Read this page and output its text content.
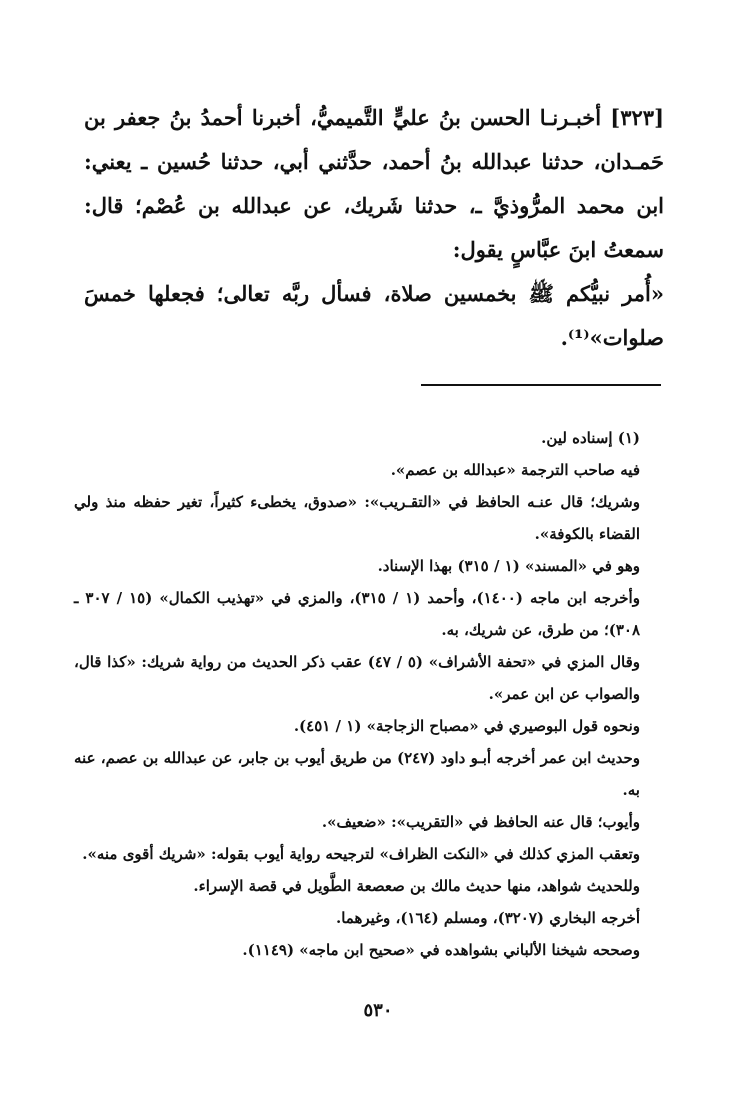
[٣٢٣] أخبـرنـا الحسن بنُ عليٍّ التَّميميُّ، أخبرنا أحمدُ بنُ جعفر بن حَمـدان، حدثنا عبدالله بنُ أحمد، حدَّثني أبي، حدثنا حُسين ـ يعني: ابن محمد المرُّوذيَّ ـ، حدثنا شَريك، عن عبدالله بن عُصْم؛ قال: سمعتُ ابنَ عبَّاسٍ يقول:

«أُمر نبيُّكم ﷺ بخمسين صلاة، فسأل ربَّه تعالى؛ فجعلها خمسَ صلوات»⁽¹⁾.

(١) إسناده لين.

فيه صاحب الترجمة «عبدالله بن عصم».

وشريك؛ قال عنـه الحافظ في «التقـريب»: «صدوق، يخطىء كثيراً، تغير حفظه منذ ولي القضاء بالكوفة».

وهو في «المسند» (١ / ٣١٥) بهذا الإسناد.

وأخرجه ابن ماجه (١٤٠٠)، وأحمد (١ / ٣١٥)، والمزي في «تهذيب الكمال» (١٥ / ٣٠٧ ـ ٣٠٨)؛ من طرق، عن شريك، به.

وقال المزي في «تحفة الأشراف» (٥ / ٤٧) عقب ذكر الحديث من رواية شريك: «كذا قال، والصواب عن ابن عمر».

ونحوه قول البوصيري في «مصباح الزجاجة» (١ / ٤٥١).

وحديث ابن عمر أخرجه أبـو داود (٢٤٧) من طريق أيوب بن جابر، عن عبدالله بن عصم، عنه به.

وأيوب؛ قال عنه الحافظ في «التقريب»: «ضعيف».

وتعقب المزي كذلك في «النكت الظراف» لترجيحه رواية أيوب بقوله: «شريك أقوى منه».

وللحديث شواهد، منها حديث مالك بن صعصعة الطَّويل في قصة الإسراء.

أخرجه البخاري (٣٢٠٧)، ومسلم (١٦٤)، وغيرهما.

وصححه شيخنا الألباني بشواهده في «صحيح ابن ماجه» (١١٤٩).

٥٣٠
